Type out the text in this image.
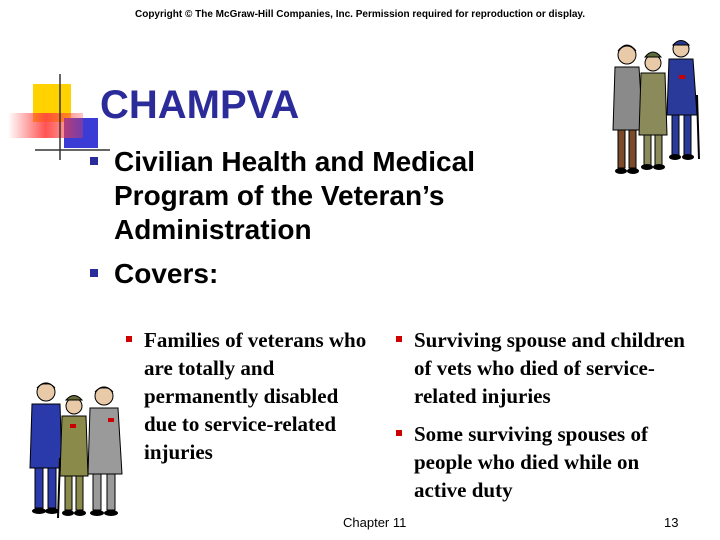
Copyright © The McGraw-Hill Companies, Inc. Permission required for reproduction or display.
CHAMPVA
Civilian Health and Medical Program of the Veteran’s Administration
Covers:
Families of veterans who are totally and permanently disabled due to service-related injuries
Surviving spouse and children of vets who died of service-related injuries
Some surviving spouses of people who died while on active duty
Chapter 11	13
